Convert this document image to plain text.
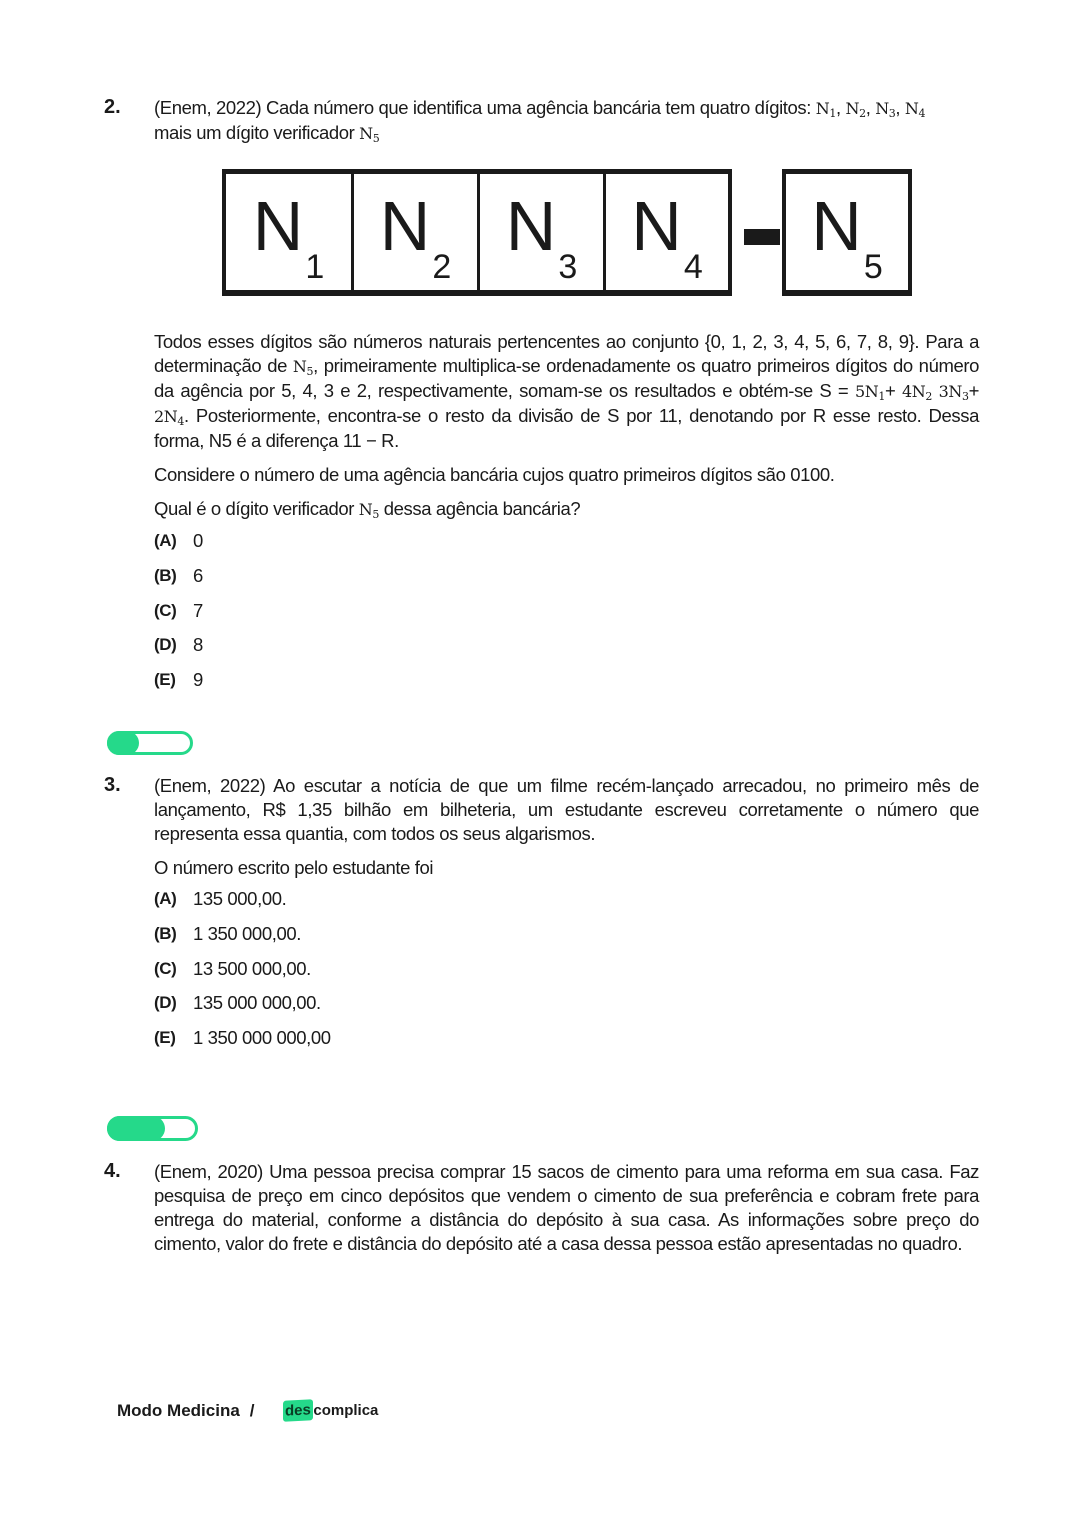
2. (Enem, 2022) Cada número que identifica uma agência bancária tem quatro dígitos: $N_1$, $N_2$, $N_3$, $N_4$

mais um dígito verificador $N_5$

$N_1$
$N_2$
$N_3$
$N_4$
$N_5$

Todos esses dígitos são números naturais pertencentes ao conjunto {0, 1, 2, 3, 4, 5, 6, 7, 8, 9}. Para a determinação de $N_5$, primeiramente multiplica-se ordenadamente os quatro primeiros dígitos do número da agência por 5, 4, 3 e 2, respectivamente, somam-se os resultados e obtém-se $S = 5N_1+ 4N_2$ $3N_3+ 2N_4$. Posteriormente, encontra-se o resto da divisão de S por 11, denotando por R esse resto. Dessa forma, N5 é a diferença 11 − R.

Considere o número de uma agência bancária cujos quatro primeiros dígitos são 0100.

Qual é o dígito verificador $N_5$ dessa agência bancária?

(A) 0
(B) 6
(C) 7
(D) 8
(E) 9
3. (Enem, 2022) Ao escutar a notícia de que um filme recém-lançado arrecadou, no primeiro mês de lançamento, R$ 1,35 bilhão em bilheteria, um estudante escreveu corretamente o número que representa essa quantia, com todos os seus algarismos.

O número escrito pelo estudante foi

(A) 135 000,00.
(B) 1 350 000,00.
(C) 13 500 000,00.
(D) 135 000 000,00.
(E) 1 350 000 000,00
4. (Enem, 2020) Uma pessoa precisa comprar 15 sacos de cimento para uma reforma em sua casa. Faz pesquisa de preço em cinco depósitos que vendem o cimento de sua preferência e cobram frete para entrega do material, conforme a distância do depósito à sua casa. As informações sobre preço do cimento, valor do frete e distância do depósito até a casa dessa pessoa estão apresentadas no quadro.

Modo Medicina / des complica
